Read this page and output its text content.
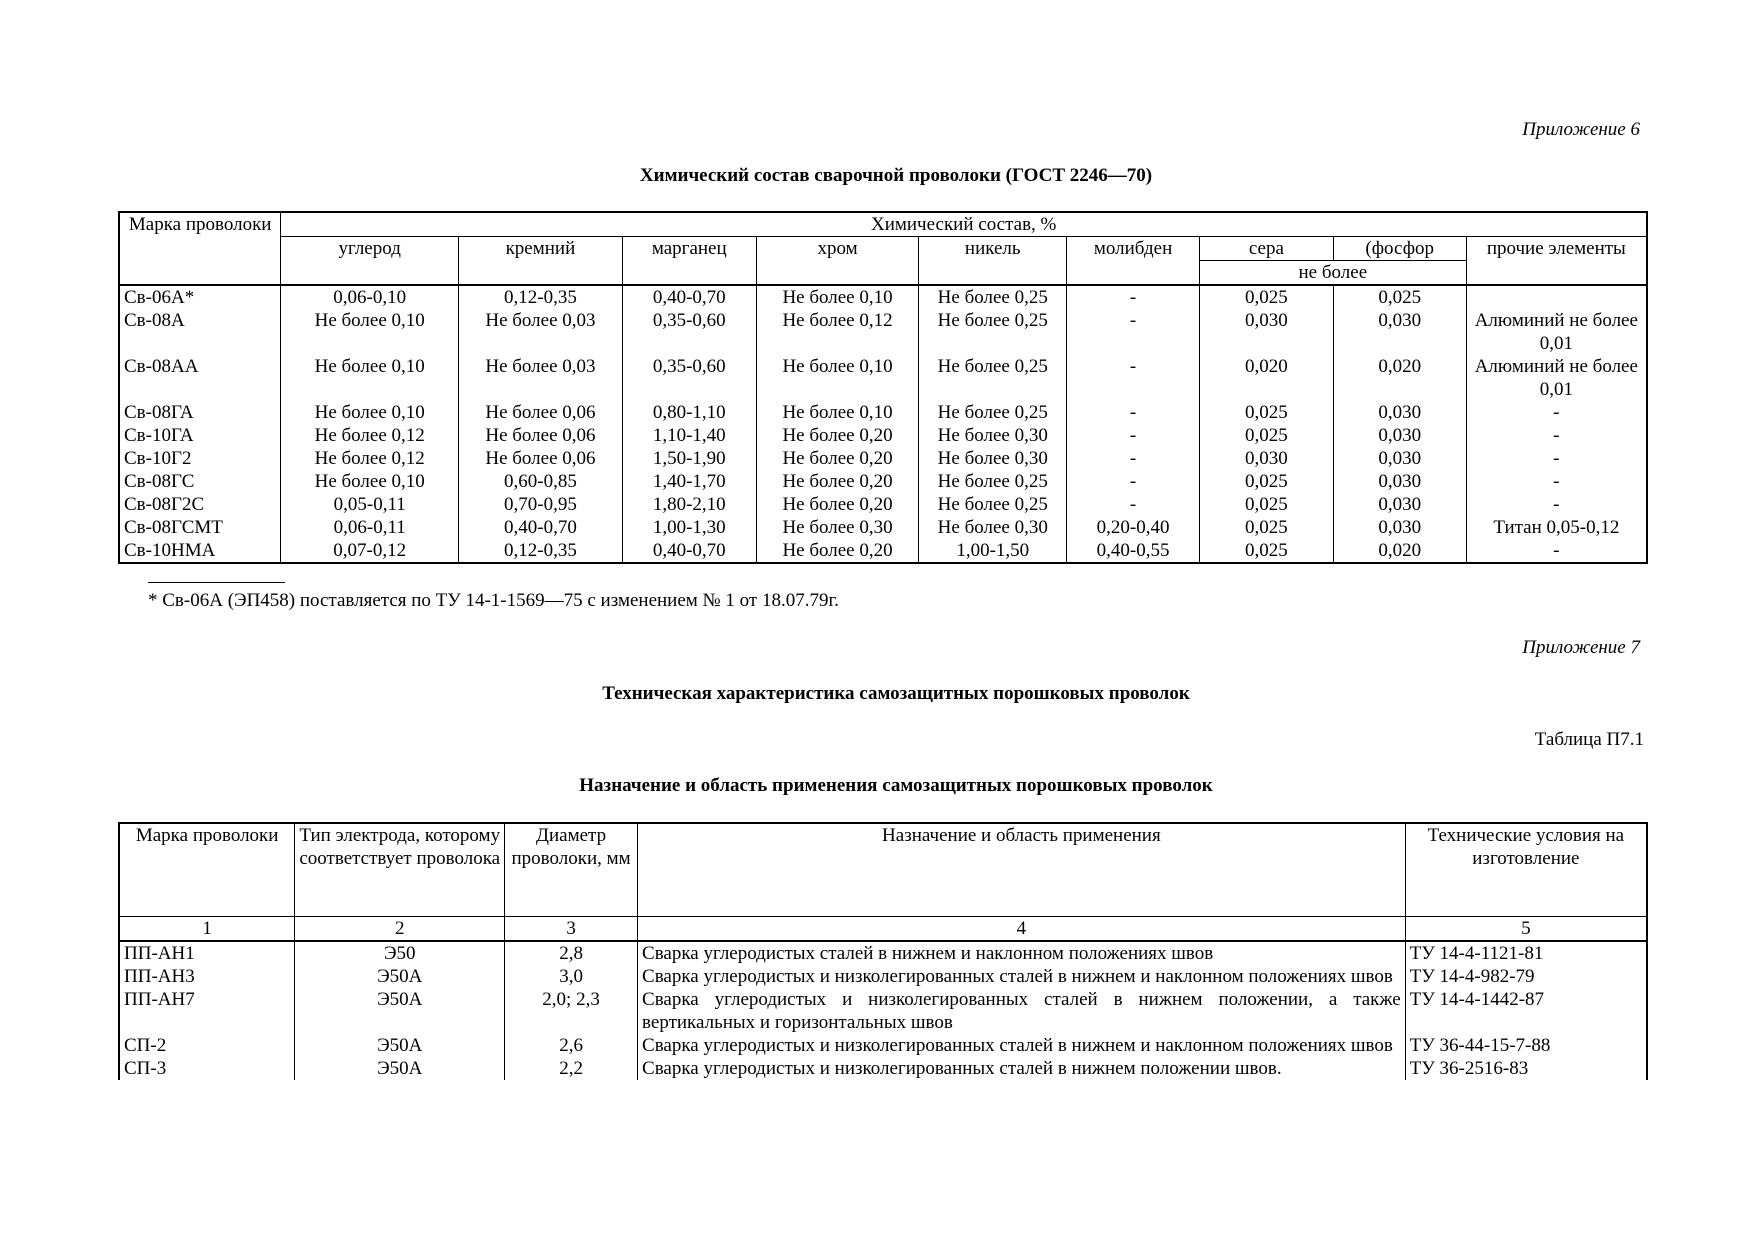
Приложение 6
Химический состав сварочной проволоки (ГОСТ 2246—70)
Марка проволоки	Химический состав, %								
	углерод	кремний	марганец	хром	никель	молибден	сера	(фосфор	прочие элементы
							не более		
Св-06А*	0,06-0,10	0,12-0,35	0,40-0,70	Не более 0,10	Не более 0,25	-	0,025	0,025	
Св-08А	Не более 0,10	Не более 0,03	0,35-0,60	Не более 0,12	Не более 0,25	-	0,030	0,030	Алюминий не более 0,01
Св-08АА	Не более 0,10	Не более 0,03	0,35-0,60	Не более 0,10	Не более 0,25	-	0,020	0,020	Алюминий не более 0,01
Св-08ГА	Не более 0,10	Не более 0,06	0,80-1,10	Не более 0,10	Не более 0,25	-	0,025	0,030	-
Св-10ГА	Не более 0,12	Не более 0,06	1,10-1,40	Не более 0,20	Не более 0,30	-	0,025	0,030	-
Св-10Г2	Не более 0,12	Не более 0,06	1,50-1,90	Не более 0,20	Не более 0,30	-	0,030	0,030	-
Св-08ГС	Не более 0,10	0,60-0,85	1,40-1,70	Не более 0,20	Не более 0,25	-	0,025	0,030	-
Св-08Г2С	0,05-0,11	0,70-0,95	1,80-2,10	Не более 0,20	Не более 0,25	-	0,025	0,030	-
Св-08ГСМТ	0,06-0,11	0,40-0,70	1,00-1,30	Не более 0,30	Не более 0,30	0,20-0,40	0,025	0,030	Титан 0,05-0,12
Св-10НМА	0,07-0,12	0,12-0,35	0,40-0,70	Не более 0,20	1,00-1,50	0,40-0,55	0,025	0,020	-
* Св-06А (ЭП458) поставляется по ТУ 14-1-1569—75 с изменением № 1 от 18.07.79г.
Приложение 7
Техническая характеристика самозащитных порошковых проволок
Таблица П7.1
Назначение и область применения самозащитных порошковых проволок
Марка проволоки	Тип электрода, которому соответствует проволока	Диаметр проволоки, мм	Назначение и область применения	Технические условия на изготовление
1	2	3	4	5
ПП-АН1	Э50	2,8	Сварка углеродистых сталей в нижнем и наклонном положениях швов	ТУ 14-4-1121-81
ПП-АН3	Э50А	3,0	Сварка углеродистых и низколегированных сталей в нижнем и наклонном положениях швов	ТУ 14-4-982-79
ПП-АН7	Э50А	2,0; 2,3	Сварка углеродистых и низколегированных сталей в нижнем положении, а также вертикальных и горизонтальных швов	ТУ 14-4-1442-87
СП-2	Э50А	2,6	Сварка углеродистых и низколегированных сталей в нижнем и наклонном положениях швов	ТУ 36-44-15-7-88
СП-3	Э50А	2,2	Сварка углеродистых и низколегированных сталей в нижнем положении швов.	ТУ 36-2516-83
